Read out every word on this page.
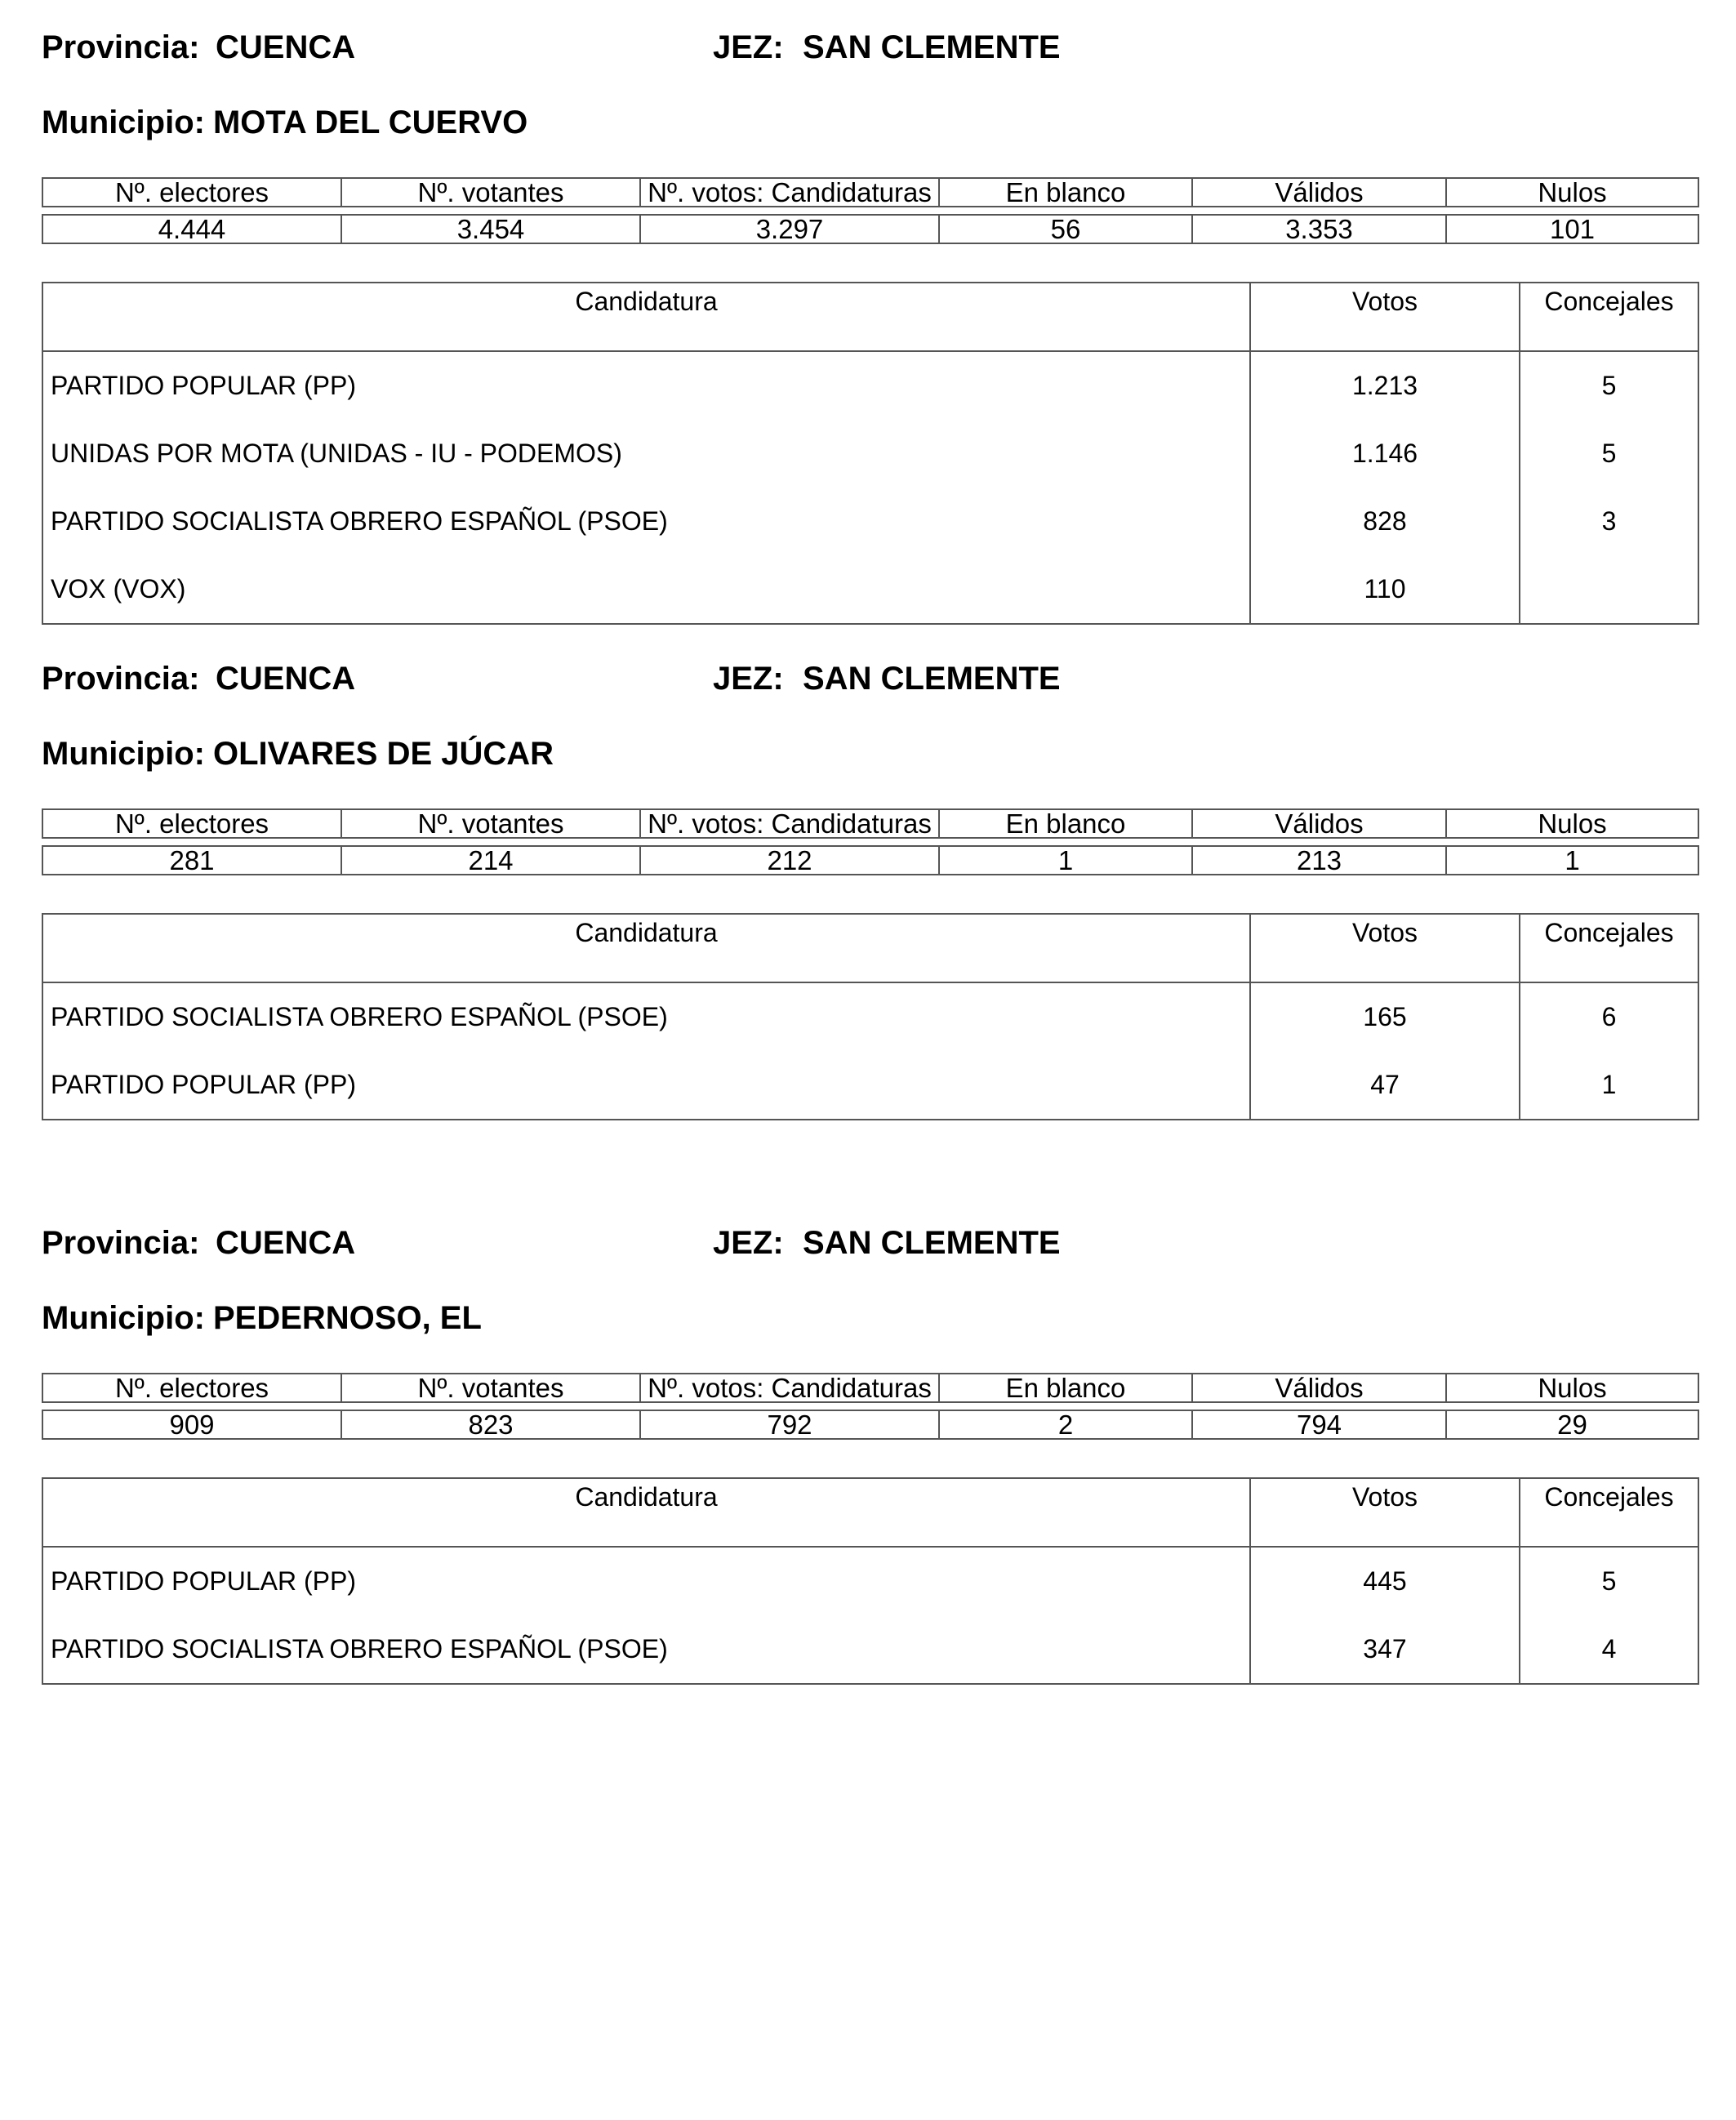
Provincia: CUENCA	JEZ: SAN CLEMENTE
Municipio: MOTA DEL CUERVO
Nº. electores	Nº. votantes	Nº. votos: Candidaturas	En blanco	Válidos	Nulos

4.444	3.454	3.297	56	3.353	101
Candidatura	Votos	Concejales
PARTIDO POPULAR (PP)	1.213	5
UNIDAS POR MOTA (UNIDAS - IU - PODEMOS)	1.146	5
PARTIDO SOCIALISTA OBRERO ESPAÑOL (PSOE)	828	3
VOX (VOX)	110	
Provincia: CUENCA	JEZ: SAN CLEMENTE
Municipio: OLIVARES DE JÚCAR
Nº. electores	Nº. votantes	Nº. votos: Candidaturas	En blanco	Válidos	Nulos

281	214	212	1	213	1
Candidatura	Votos	Concejales
PARTIDO SOCIALISTA OBRERO ESPAÑOL (PSOE)	165	6
PARTIDO POPULAR (PP)	47	1
Provincia: CUENCA	JEZ: SAN CLEMENTE
Municipio: PEDERNOSO, EL
Nº. electores	Nº. votantes	Nº. votos: Candidaturas	En blanco	Válidos	Nulos

909	823	792	2	794	29
Candidatura	Votos	Concejales
PARTIDO POPULAR (PP)	445	5
PARTIDO SOCIALISTA OBRERO ESPAÑOL (PSOE)	347	4
